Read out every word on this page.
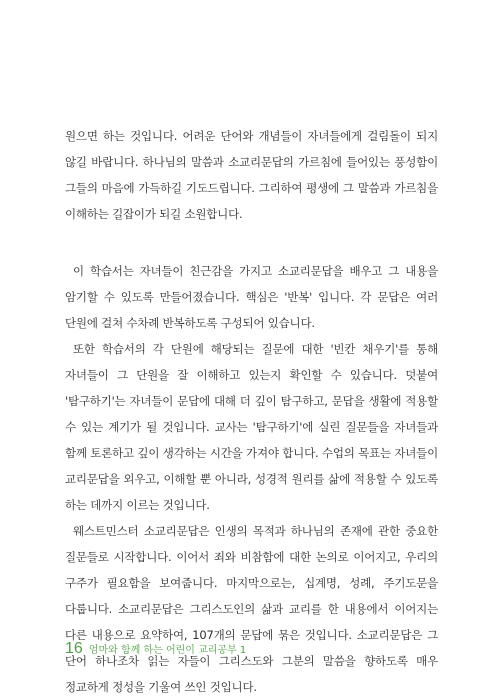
원으면 하는 것입니다. 어려운 단어와 개념들이 자녀들에게 걸림돌이 되지 않길 바랍니다. 하나님의 말씀과 소교리문답의 가르침에 들어있는 풍성함이 그들의 마음에 가득하길 기도드립니다. 그리하여 평생에 그 말씀과 가르침을 이해하는 길잡이가 되길 소원합니다.

이 학습서는 자녀들이 친근감을 가지고 소교리문답을 배우고 그 내용을 암기할 수 있도록 만들어졌습니다. 핵심은 '반복' 입니다. 각 문답은 여러 단원에 걸쳐 수차례 반복하도록 구성되어 있습니다.

또한 학습서의 각 단원에 해당되는 질문에 대한 '빈칸 채우기'를 통해 자녀들이 그 단원을 잘 이해하고 있는지 확인할 수 있습니다. 덧붙여 '탐구하기'는 자녀들이 문답에 대해 더 깊이 탐구하고, 문답을 생활에 적용할 수 있는 계기가 될 것입니다. 교사는 '탐구하기'에 실린 질문들을 자녀들과 함께 토론하고 깊이 생각하는 시간을 가져야 합니다. 수업의 목표는 자녀들이 교리문답을 외우고, 이해할 뿐 아니라, 성경적 원리를 삶에 적용할 수 있도록 하는 데까지 이르는 것입니다.

웨스트민스터 소교리문답은 인생의 목적과 하나님의 존재에 관한 중요한 질문들로 시작합니다. 이어서 죄와 비참함에 대한 논의로 이어지고, 우리의 구주가 필요함을 보여줍니다. 마지막으로는, 십계명, 성례, 주기도문을 다룹니다. 소교리문답은 그리스도인의 삶과 교리를 한 내용에서 이어지는 다른 내용으로 요약하여, 107개의 문답에 묶은 것입니다. 소교리문답은 그 단어 하나조차 읽는 자들이 그리스도와 그분의 말씀을 향하도록 매우 정교하게 정성을 기울여 쓰인 것입니다.

16 엄마와 함께 하는 어린이 교리공부 1
